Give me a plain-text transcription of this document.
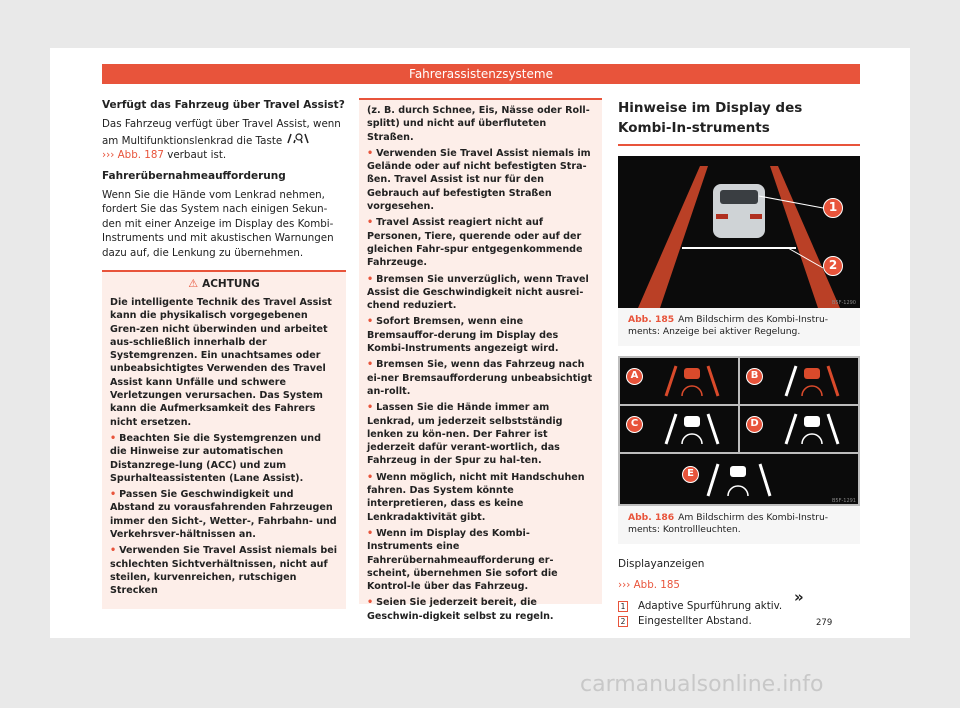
Fahrerassistenzsysteme
Verfügt das Fahrzeug über Travel Assist?
Das Fahrzeug verfügt über Travel Assist, wenn am Multifunktionslenkrad die Taste
››› Abb. 187 verbaut ist.
Fahrerübernahmeaufforderung
Wenn Sie die Hände vom Lenkrad nehmen, fordert Sie das System nach einigen Sekun-den mit einer Anzeige im Display des Kombi-Instruments und mit akustischen Warnungen dazu auf, die Lenkung zu übernehmen.
⚠ ACHTUNG
Die intelligente Technik des Travel Assist kann die physikalisch vorgegebenen Gren-zen nicht überwinden und arbeitet aus-schließlich innerhalb der Systemgrenzen. Ein unachtsames oder unbeabsichtigtes Verwenden des Travel Assist kann Unfälle und schwere Verletzungen verursachen. Das System kann die Aufmerksamkeit des Fahrers nicht ersetzen.
• Beachten Sie die Systemgrenzen und die Hinweise zur automatischen Distanzrege-lung (ACC) und zum Spurhalteassistenten (Lane Assist).
• Passen Sie Geschwindigkeit und Abstand zu vorausfahrenden Fahrzeugen immer den Sicht-, Wetter-, Fahrbahn- und Verkehrsver-hältnissen an.
• Verwenden Sie Travel Assist niemals bei schlechten Sichtverhältnissen, nicht auf steilen, kurvenreichen, rutschigen Strecken
(z. B. durch Schnee, Eis, Nässe oder Roll-splitt) und nicht auf überfluteten Straßen.
• Verwenden Sie Travel Assist niemals im Gelände oder auf nicht befestigten Stra-ßen. Travel Assist ist nur für den Gebrauch auf befestigten Straßen vorgesehen.
• Travel Assist reagiert nicht auf Personen, Tiere, querende oder auf der gleichen Fahr-spur entgegenkommende Fahrzeuge.
• Bremsen Sie unverzüglich, wenn Travel Assist die Geschwindigkeit nicht ausrei-chend reduziert.
• Sofort Bremsen, wenn eine Bremsauffor-derung im Display des Kombi-Instruments angezeigt wird.
• Bremsen Sie, wenn das Fahrzeug nach ei-ner Bremsaufforderung unbeabsichtigt an-rollt.
• Lassen Sie die Hände immer am Lenkrad, um jederzeit selbstständig lenken zu kön-nen. Der Fahrer ist jederzeit dafür verant-wortlich, das Fahrzeug in der Spur zu hal-ten.
• Wenn möglich, nicht mit Handschuhen fahren. Das System könnte interpretieren, dass es keine Lenkradaktivität gibt.
• Wenn im Display des Kombi-Instruments eine Fahrerübernahmeaufforderung er-scheint, übernehmen Sie sofort die Kontrol-le über das Fahrzeug.
• Seien Sie jederzeit bereit, die Geschwin-digkeit selbst zu regeln.
Hinweise im Display des Kombi-In-struments
1
2
B5F-1290
Abb. 185 Am Bildschirm des Kombi-Instru-ments: Anzeige bei aktiver Regelung.
A	B
C	D
E
B5F-1291
Abb. 186 Am Bildschirm des Kombi-Instru-ments: Kontrollleuchten.
Displayanzeigen
››› Abb. 185
1 Adaptive Spurführung aktiv.
2 Eingestellter Abstand.
»
279
carmanualsonline.info
